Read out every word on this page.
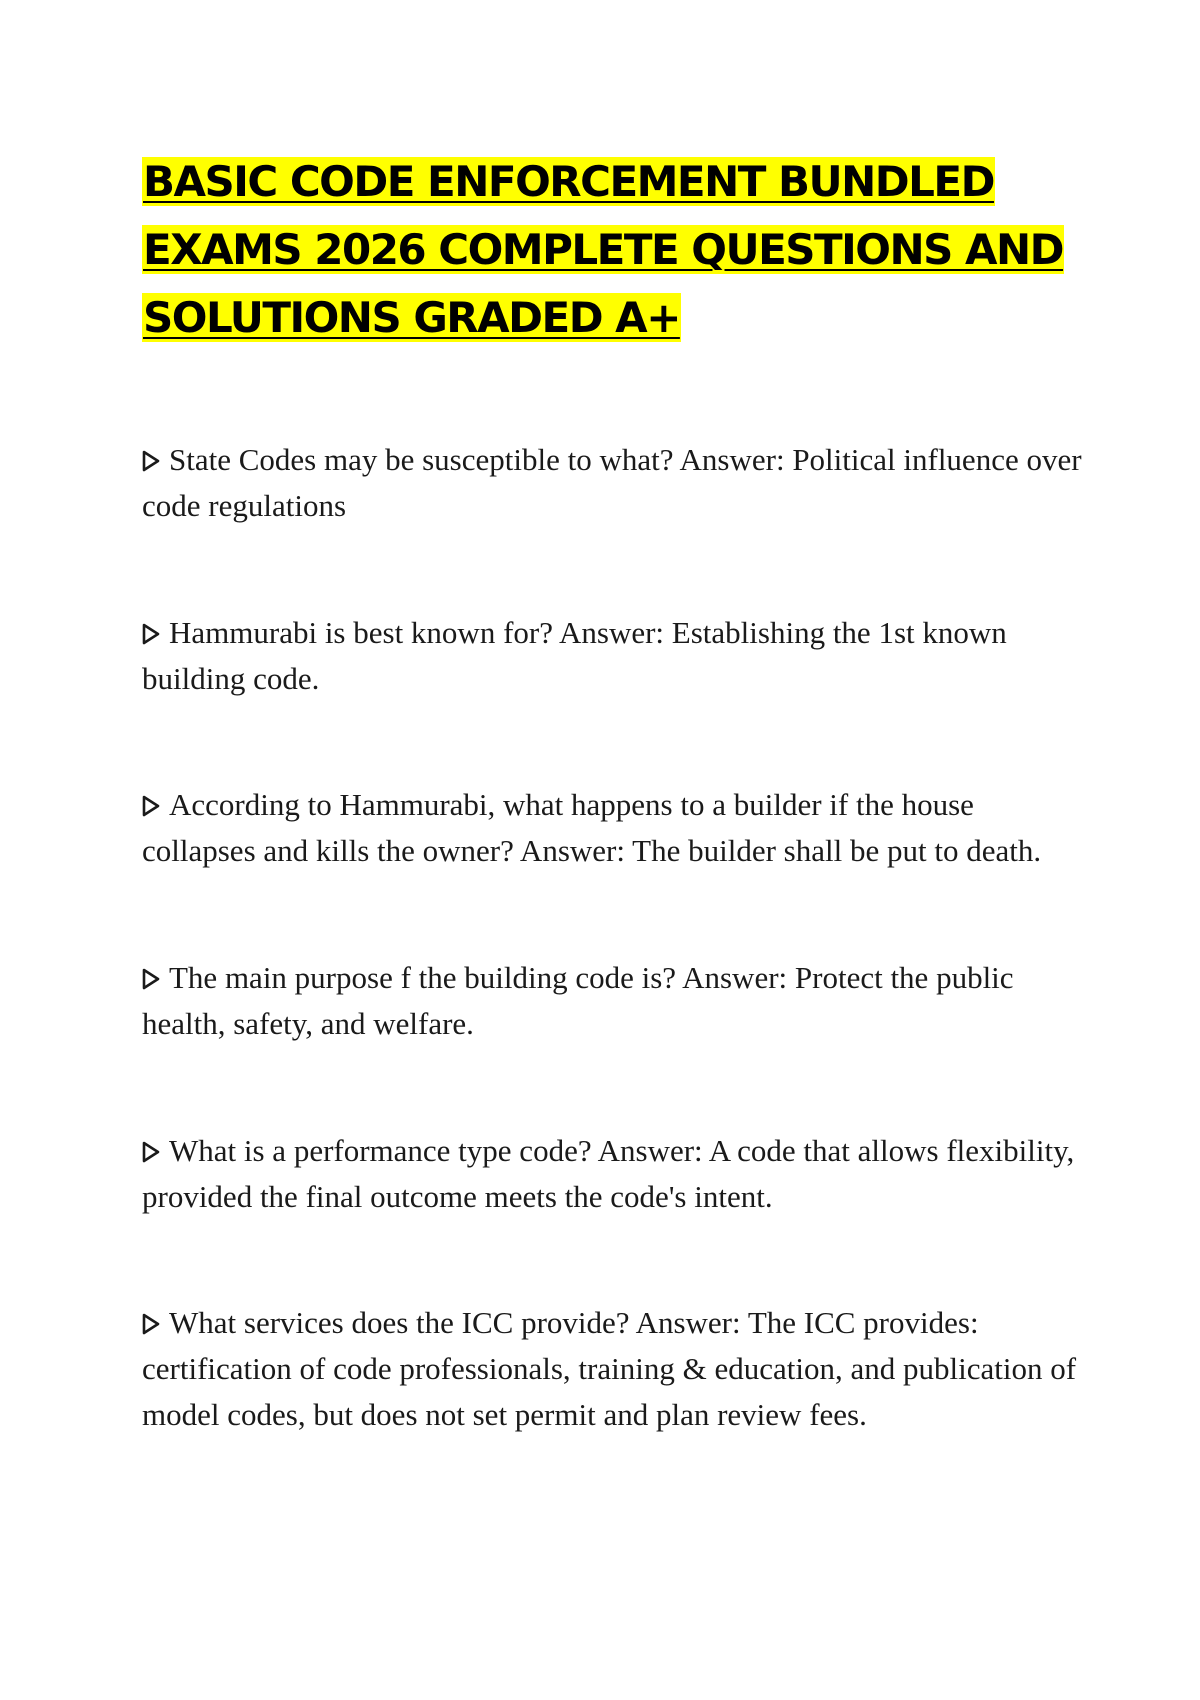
BASIC CODE ENFORCEMENT BUNDLED EXAMS 2026 COMPLETE QUESTIONS AND SOLUTIONS GRADED A+

State Codes may be susceptible to what? Answer: Political influence over code regulations

Hammurabi is best known for? Answer: Establishing the 1st known building code.

According to Hammurabi, what happens to a builder if the house collapses and kills the owner? Answer: The builder shall be put to death.

The main purpose f the building code is? Answer: Protect the public health, safety, and welfare.

What is a performance type code? Answer: A code that allows flexibility, provided the final outcome meets the code's intent.

What services does the ICC provide? Answer: The ICC provides: certification of code professionals, training & education, and publication of model codes, but does not set permit and plan review fees.
